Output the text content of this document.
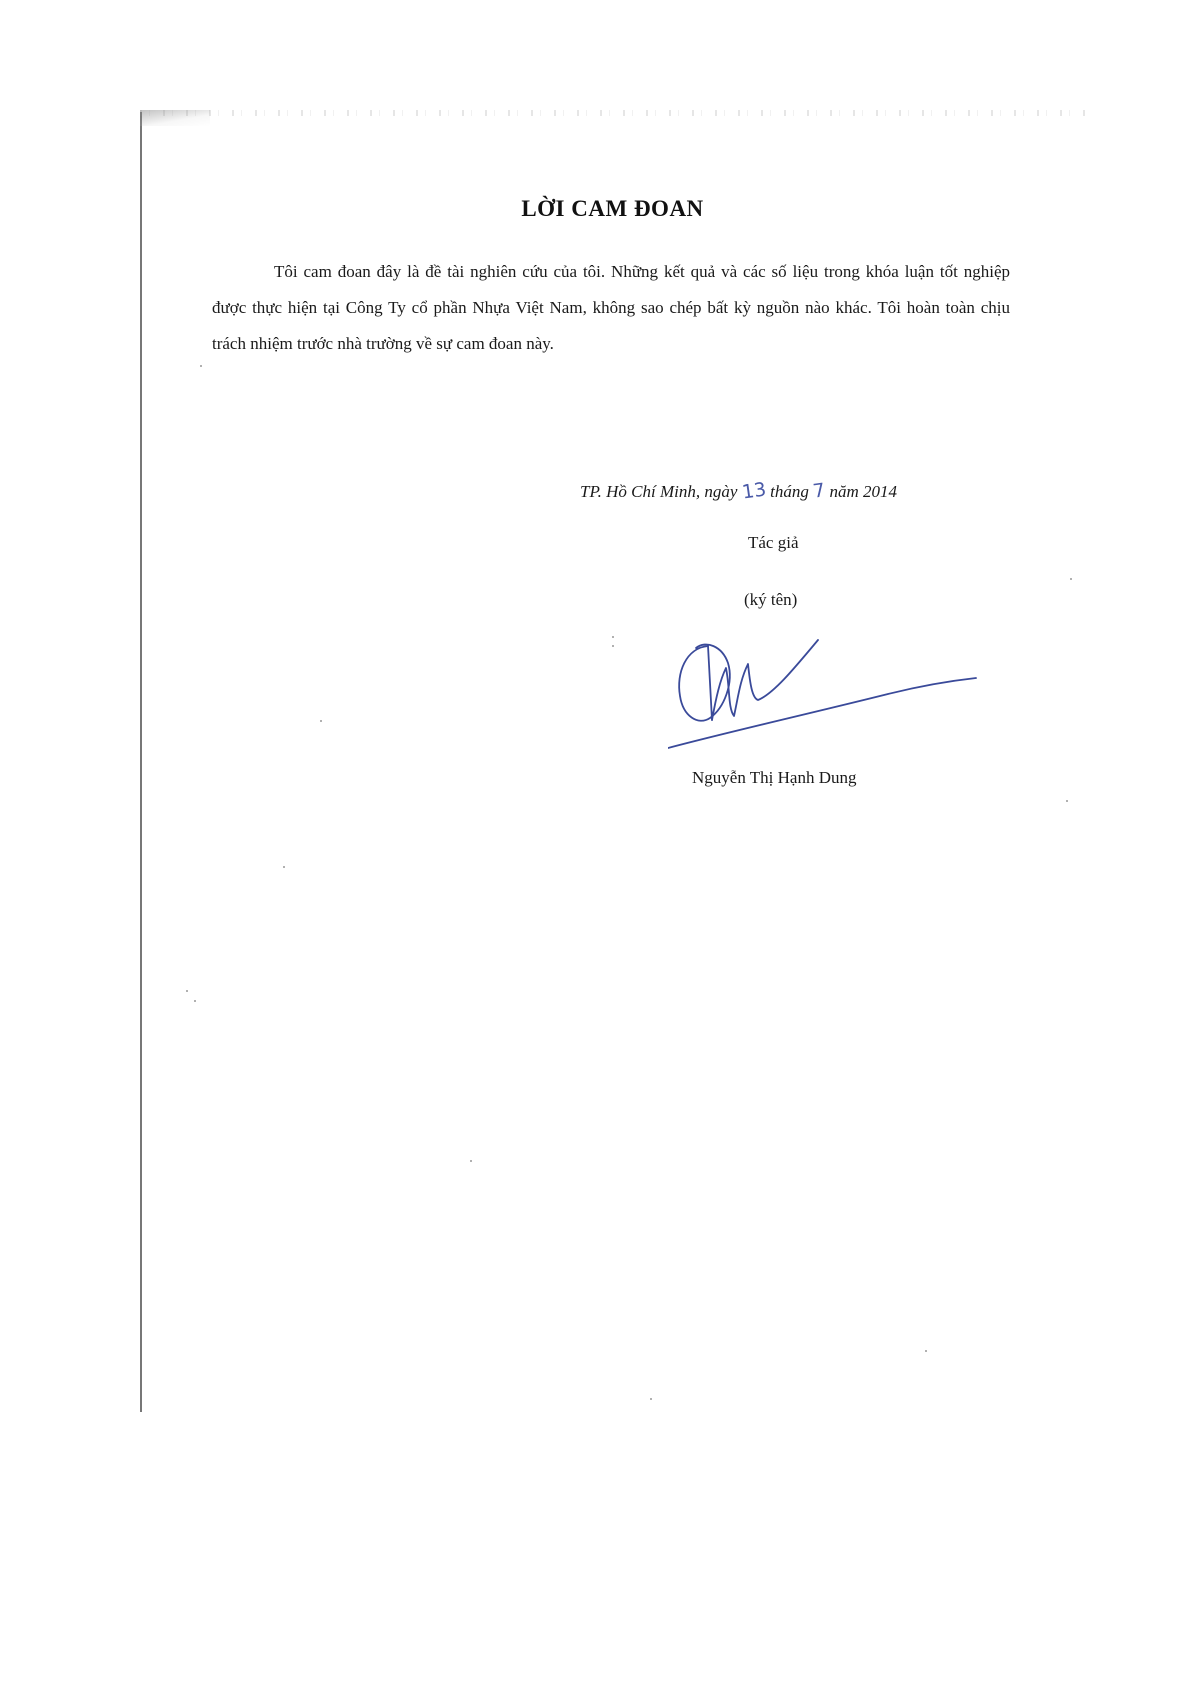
LỜI CAM ĐOAN

Tôi cam đoan đây là đề tài nghiên cứu của tôi. Những kết quả và các số liệu trong khóa luận tốt nghiệp được thực hiện tại Công Ty cổ phần Nhựa Việt Nam, không sao chép bất kỳ nguồn nào khác. Tôi hoàn toàn chịu trách nhiệm trước nhà trường về sự cam đoan này.

TP. Hồ Chí Minh, ngày 13 tháng 7 năm 2014
Tác giả
(ký tên)
Nguyễn Thị Hạnh Dung
